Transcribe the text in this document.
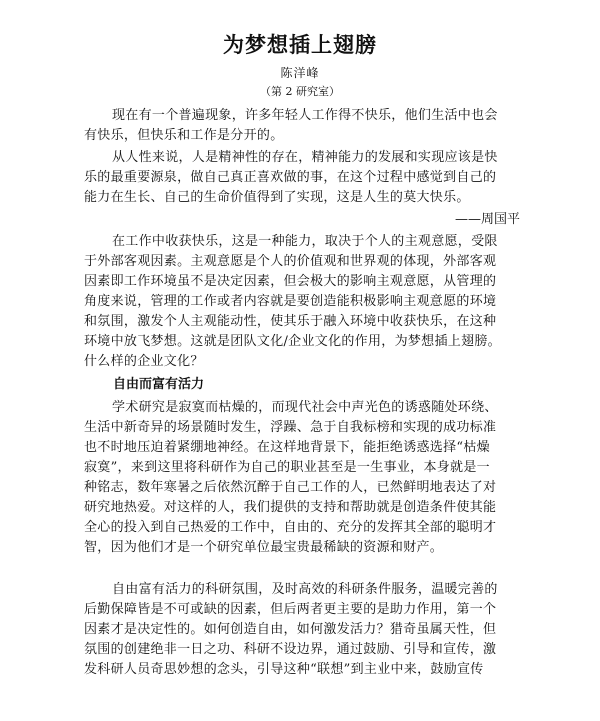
为梦想插上翅膀
陈洋峰
（第 2 研究室）
现在有一个普遍现象，许多年轻人工作得不快乐，他们生活中也会
有快乐，但快乐和工作是分开的。
从人性来说，人是精神性的存在，精神能力的发展和实现应该是快
乐的最重要源泉，做自己真正喜欢做的事，在这个过程中感觉到自己的
能力在生长、自己的生命价值得到了实现，这是人生的莫大快乐。
——周国平
在工作中收获快乐，这是一种能力，取决于个人的主观意愿，受限
于外部客观因素。主观意愿是个人的价值观和世界观的体现，外部客观
因素即工作环境虽不是决定因素，但会极大的影响主观意愿，从管理的
角度来说，管理的工作或者内容就是要创造能积极影响主观意愿的环境
和氛围，激发个人主观能动性，使其乐于融入环境中收获快乐，在这种
环境中放飞梦想。这就是团队文化/企业文化的作用，为梦想插上翅膀。
什么样的企业文化？
自由而富有活力
学术研究是寂寞而枯燥的，而现代社会中声光色的诱惑随处环绕、
生活中新奇异的场景随时发生，浮躁、急于自我标榜和实现的成功标准
也不时地压迫着紧绷地神经。在这样地背景下，能拒绝诱惑选择“枯燥
寂寞”，来到这里将科研作为自己的职业甚至是一生事业，本身就是一
种铭志，数年寒暑之后依然沉醉于自己工作的人，已然鲜明地表达了对
研究地热爱。对这样的人，我们提供的支持和帮助就是创造条件使其能
全心的投入到自己热爱的工作中，自由的、充分的发挥其全部的聪明才
智，因为他们才是一个研究单位最宝贵最稀缺的资源和财产。
自由富有活力的科研氛围，及时高效的科研条件服务，温暖完善的
后勤保障皆是不可或缺的因素，但后两者更主要的是助力作用，第一个
因素才是决定性的。如何创造自由，如何激发活力？猎奇虽属天性，但
氛围的创建绝非一日之功、科研不设边界，通过鼓励、引导和宣传，激
发科研人员奇思妙想的念头，引导这种“联想”到主业中来，鼓励宣传
